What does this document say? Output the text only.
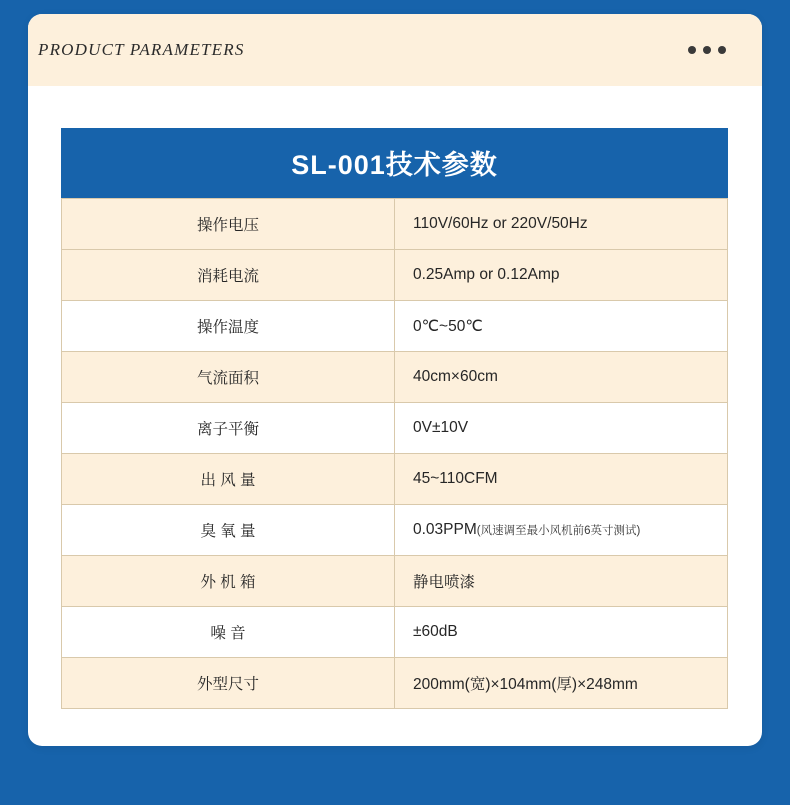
PRODUCT PARAMETERS
SL-001技术参数
操作电压	110V/60Hz or 220V/50Hz
消耗电流	0.25Amp or 0.12Amp
操作温度	0℃~50℃
气流面积	40cm×60cm
离子平衡	0V±10V
出 风 量	45~110CFM
臭 氧 量	0.03PPM(风速调至最小风机前6英寸测试)
外 机 箱	静电喷漆
噪 音	±60dB
外型尺寸	200mm(宽)×104mm(厚)×248mm
